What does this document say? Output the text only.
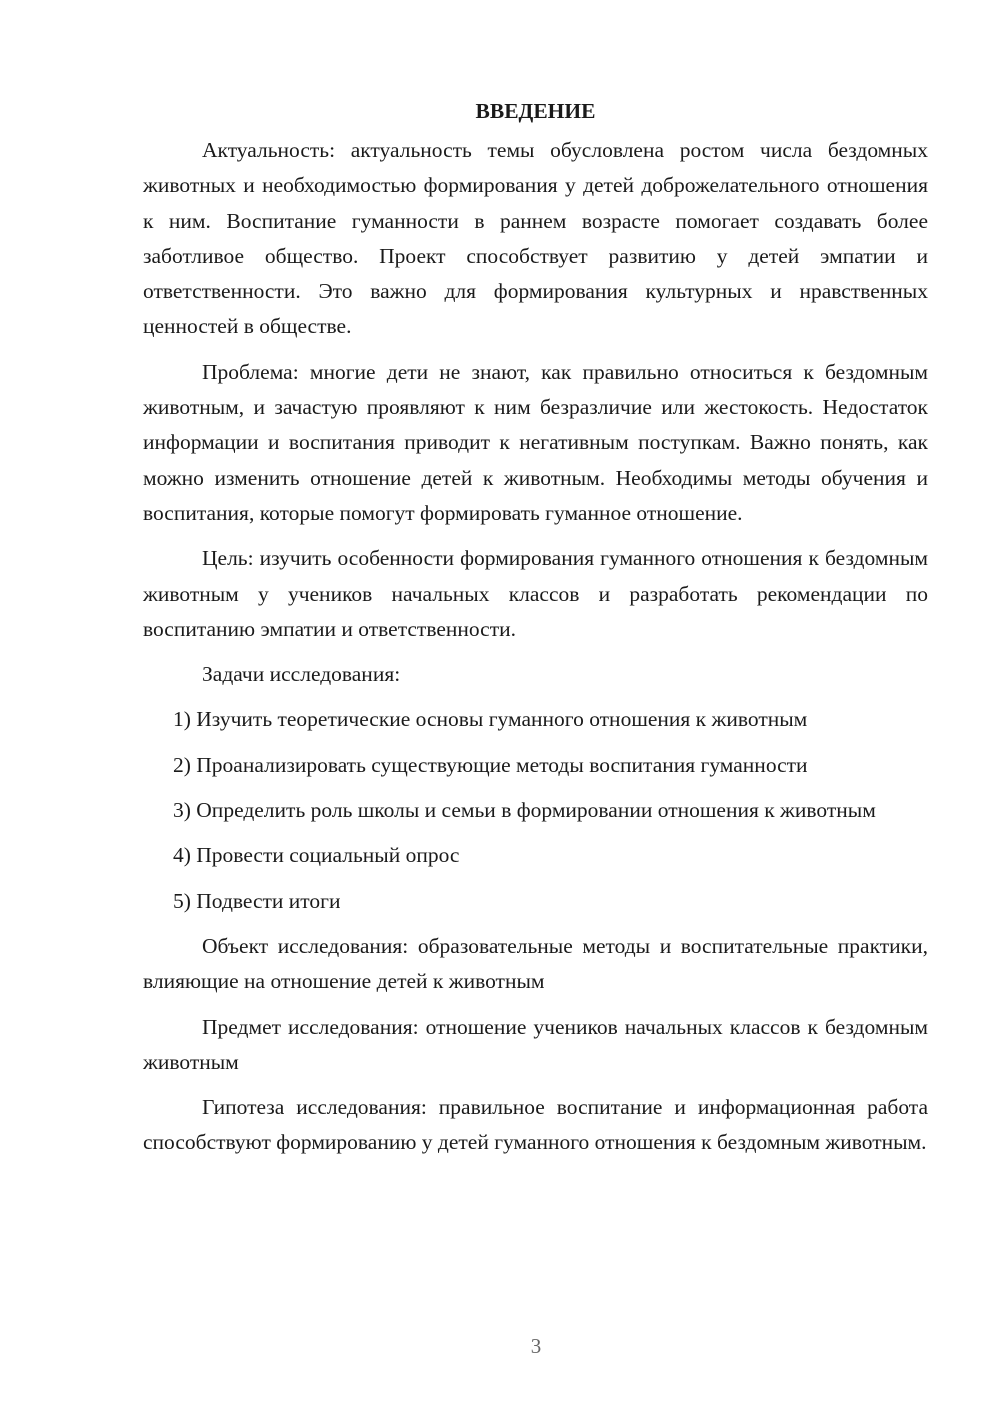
ВВЕДЕНИЕ

Актуальность: актуальность темы обусловлена ростом числа бездомных животных и необходимостью формирования у детей доброжелательного отношения к ним. Воспитание гуманности в раннем возрасте помогает создавать более заботливое общество. Проект способствует развитию у детей эмпатии и ответственности. Это важно для формирования культурных и нравственных ценностей в обществе.

Проблема: многие дети не знают, как правильно относиться к бездомным животным, и зачастую проявляют к ним безразличие или жестокость. Недостаток информации и воспитания приводит к негативным поступкам. Важно понять, как можно изменить отношение детей к животным. Необходимы методы обучения и воспитания, которые помогут формировать гуманное отношение.

Цель: изучить особенности формирования гуманного отношения к бездомным животным у учеников начальных классов и разработать рекомендации по воспитанию эмпатии и ответственности.

Задачи исследования:

1) Изучить теоретические основы гуманного отношения к животным

2) Проанализировать существующие методы воспитания гуманности

3) Определить роль школы и семьи в формировании отношения к животным

4) Провести социальный опрос

5) Подвести итоги

Объект исследования: образовательные методы и воспитательные практики, влияющие на отношение детей к животным

Предмет исследования: отношение учеников начальных классов к бездомным животным

Гипотеза исследования: правильное воспитание и информационная работа способствуют формированию у детей гуманного отношения к бездомным животным.

3
